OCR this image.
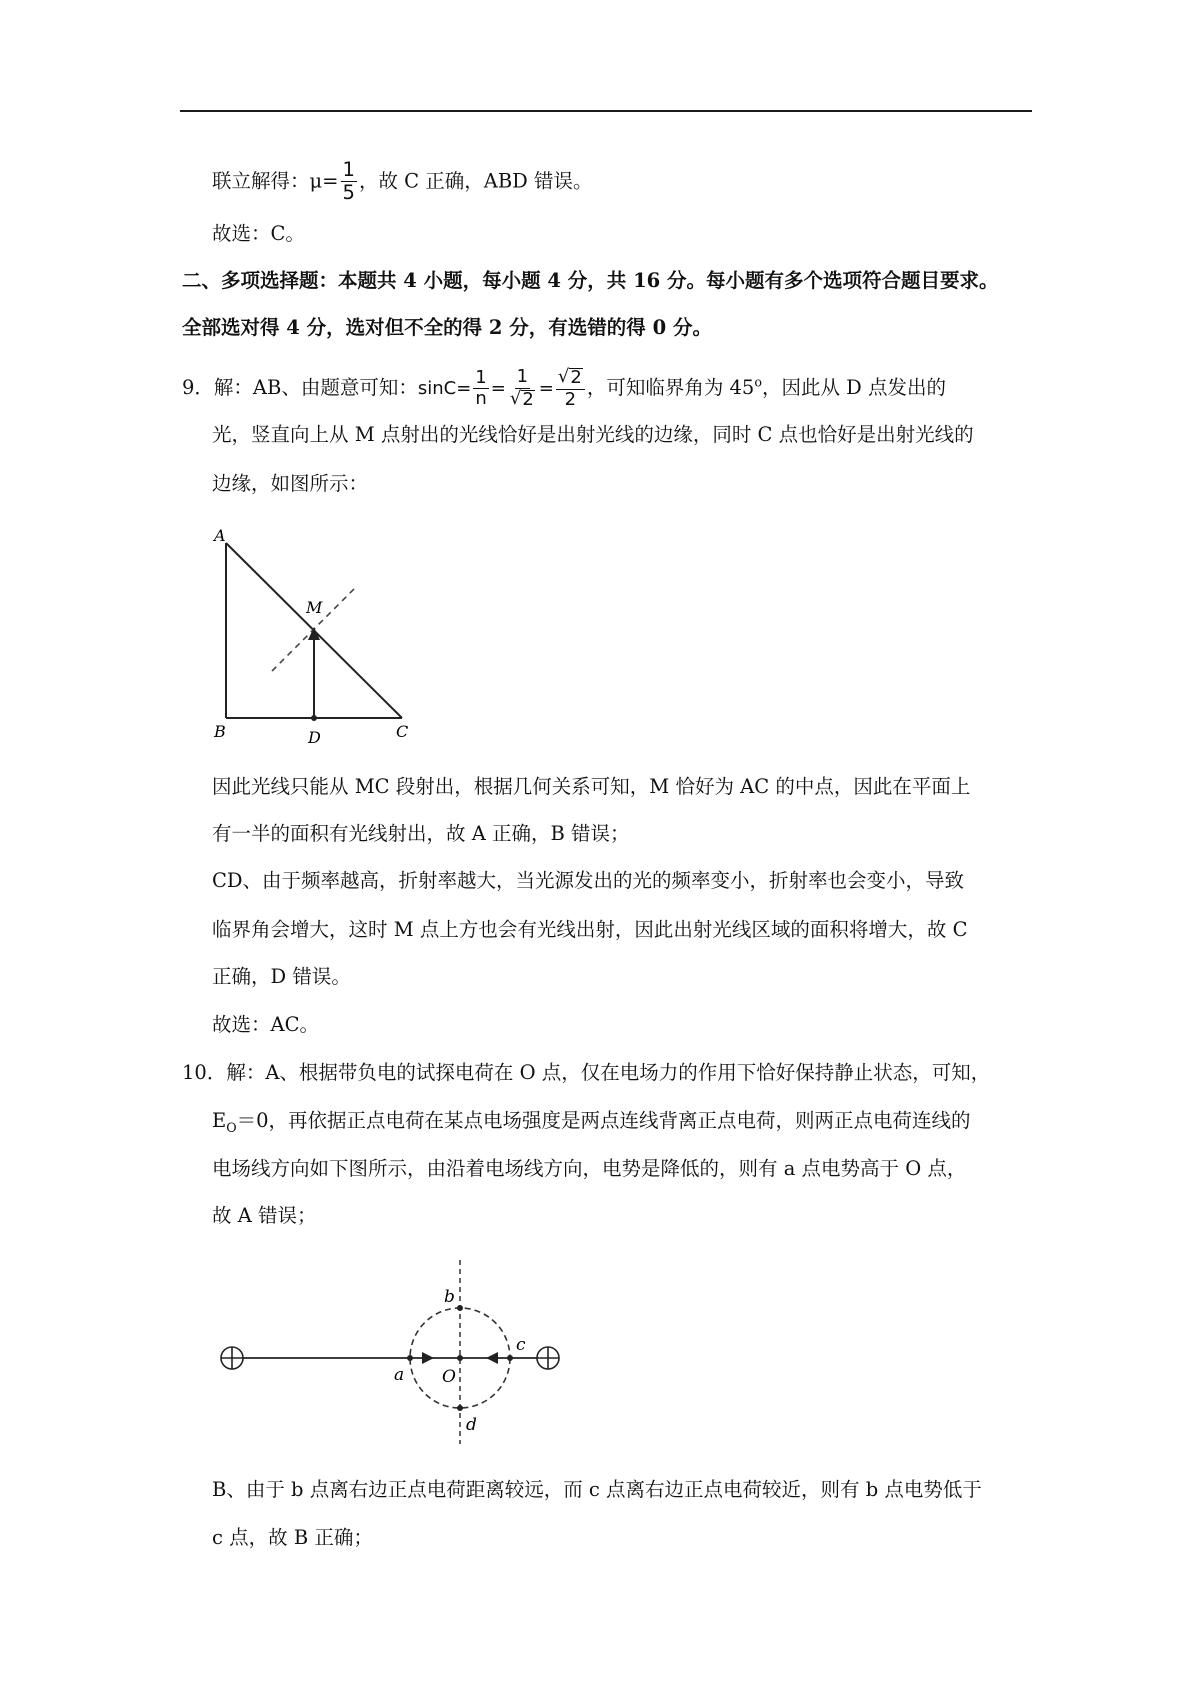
联立解得：$\mu= \frac{1}{5}$ ，故 C 正确，ABD 错误。
故选：C。
二、多项选择题：本题共 4 小题，每小题 4 分，共 16 分。每小题有多个选项符合题目要求。
全部选对得 4 分，选对但不全的得 2 分，有选错的得 0 分。
9．解：AB、由题意可知：$\sin C= \frac{1}{n} = \frac{1}{√ 2} = \frac{√ 2}{2}$ ，可知临界角为 45$^o$，因此从 D 点发出的
光，竖直向上从 M 点射出的光线恰好是出射光线的边缘，同时 C 点也恰好是出射光线的
边缘，如图所示：
A
B	C
D
M
因此光线只能从 MC 段射出，根据几何关系可知，M 恰好为 AC 的中点，因此在平面上
有一半的面积有光线射出，故 A 正确，B 错误；
CD、由于频率越高，折射率越大，当光源发出的光的频率变小，折射率也会变小，导致
临界角会增大，这时 M 点上方也会有光线出射，因此出射光线区域的面积将增大，故 C
正确，D 错误。
故选：AC。
10．解：A、根据带负电的试探电荷在 O 点，仅在电场力的作用下恰好保持静止状态，可知，
$E_O=0$，再依据正点电荷在某点电场强度是两点连线背离正点电荷，则两正点电荷连线的
电场线方向如下图所示，由沿着电场线方向，电势是降低的，则有 a 点电势高于 O 点，
故 A 错误；
a O
b
c
d
B、由于 b 点离右边正点电荷距离较远，而 c 点离右边正点电荷较近，则有 b 点电势低于
c 点，故 B 正确；
